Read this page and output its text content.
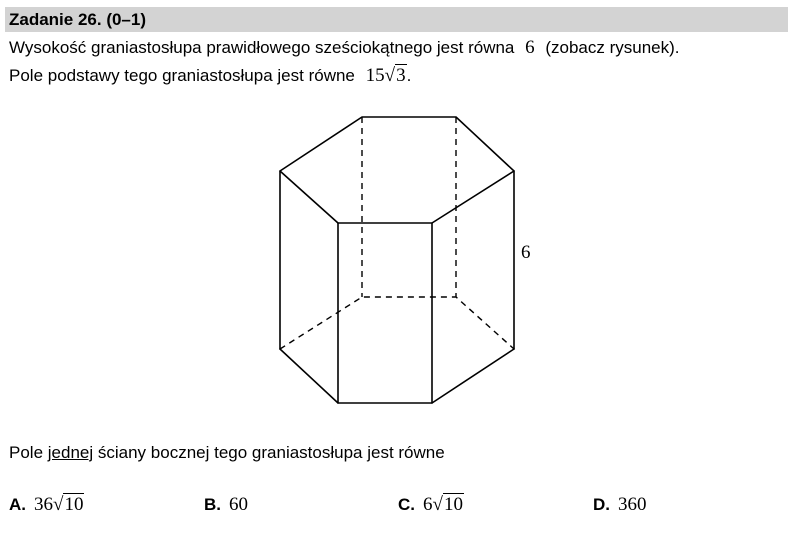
Zadanie 26. (0–1)
Wysokość graniastosłupa prawidłowego sześciokątnego jest równa 6 (zobacz rysunek).
Pole podstawy tego graniastosłupa jest równe 15√3.
6
Pole jednej ściany bocznej tego graniastosłupa jest równe
A. 36√10	B. 60	C. 6√10	D. 360
